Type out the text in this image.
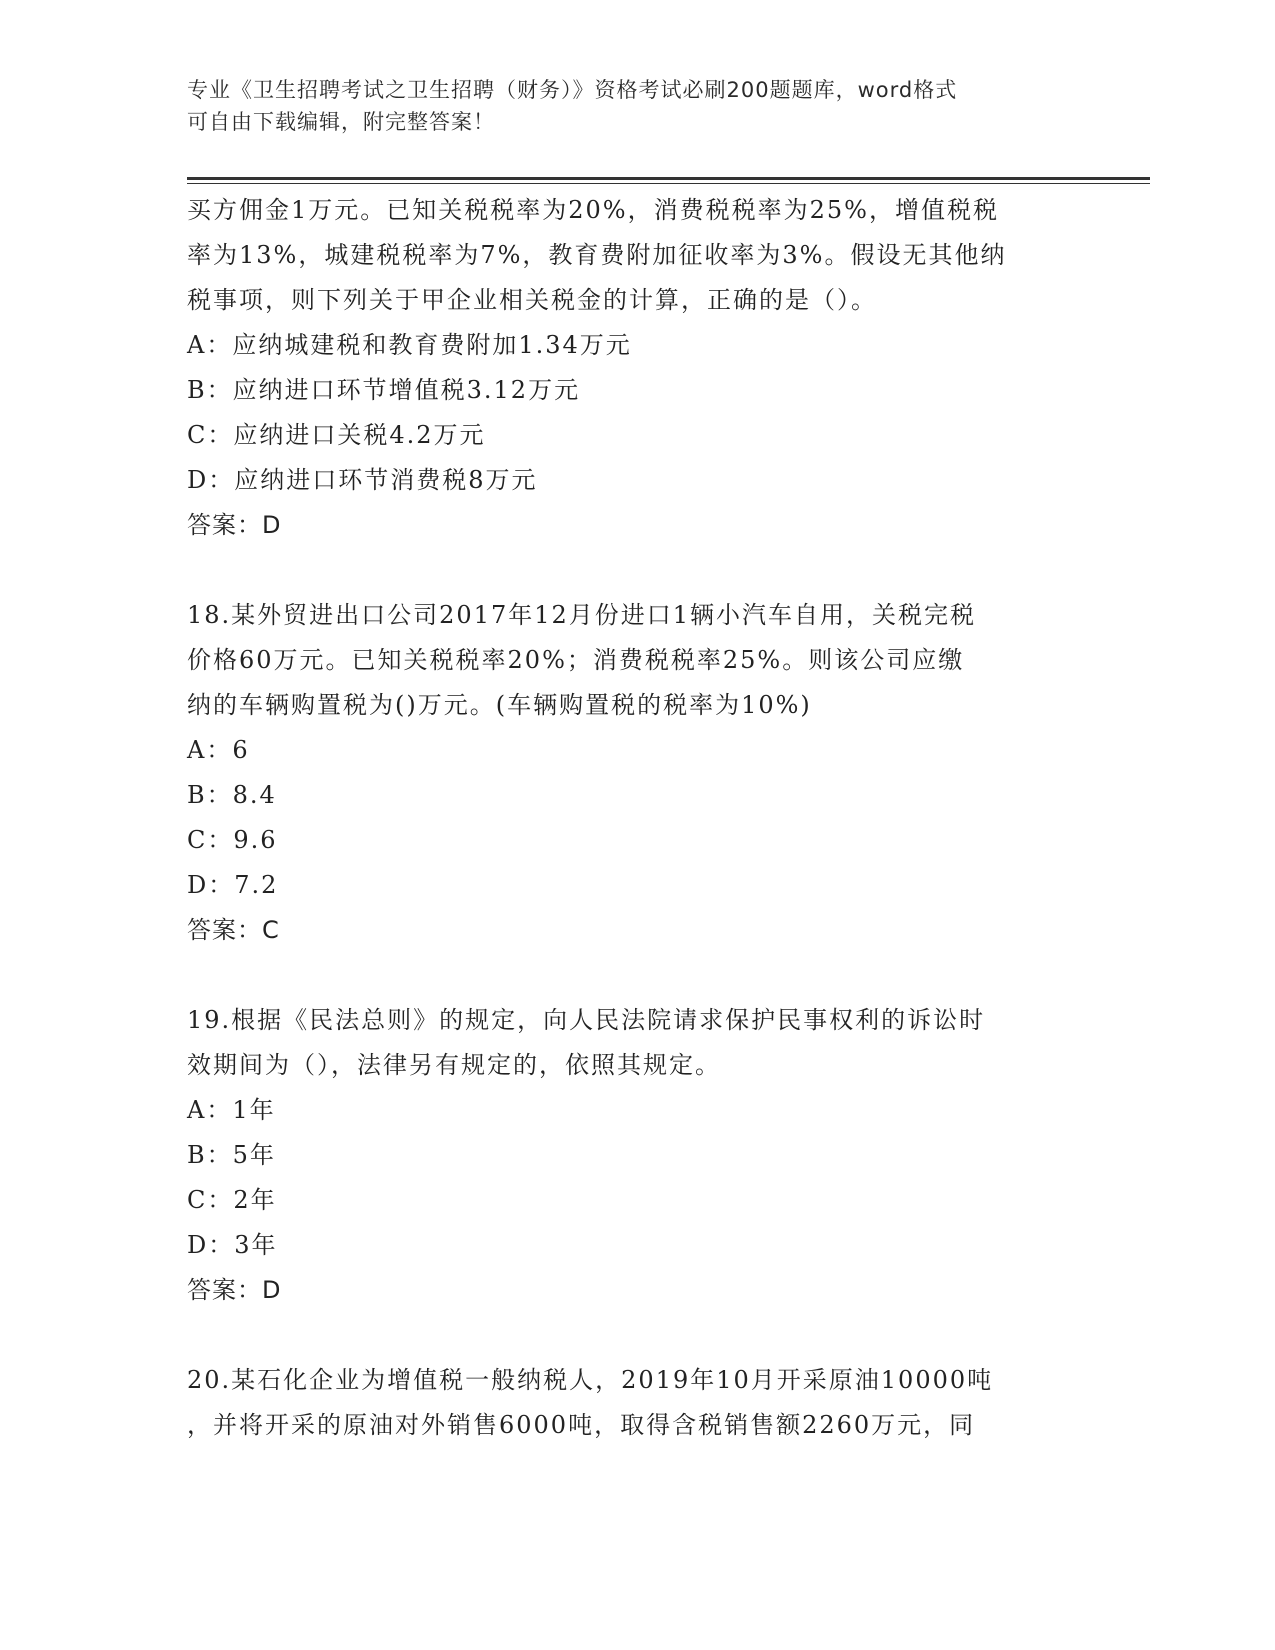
专业《卫生招聘考试之卫生招聘（财务）》资格考试必刷200题题库，word格式
可自由下载编辑，附完整答案！
买方佣金1万元。已知关税税率为20%，消费税税率为25%，增值税税
率为13%，城建税税率为7%，教育费附加征收率为3%。假设无其他纳
税事项，则下列关于甲企业相关税金的计算，正确的是（）。
A：应纳城建税和教育费附加1.34万元
B：应纳进口环节增值税3.12万元
C：应纳进口关税4.2万元
D：应纳进口环节消费税8万元
答案：D
18.某外贸进出口公司2017年12月份进口1辆小汽车自用，关税完税
价格60万元。已知关税税率20%；消费税税率25%。则该公司应缴
纳的车辆购置税为()万元。(车辆购置税的税率为10%)
A：6
B：8.4
C：9.6
D：7.2
答案：C
19.根据《民法总则》的规定，向人民法院请求保护民事权利的诉讼时
效期间为（），法律另有规定的，依照其规定。
A：1年
B：5年
C：2年
D：3年
答案：D
20.某石化企业为增值税一般纳税人，2019年10月开采原油10000吨
，并将开采的原油对外销售6000吨，取得含税销售额2260万元，同
